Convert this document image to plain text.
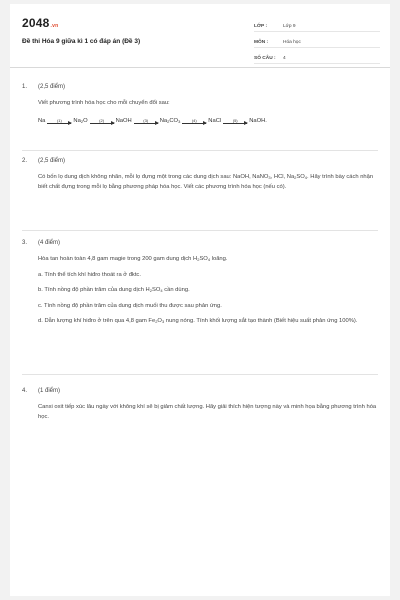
2048.vn
Đề thi Hóa 9 giữa kì 1 có đáp án (Đề 3)
LỚP :	Lớp 9
MÔN :	Hóa học
SỐ CÂU :	4
1. (2,5 điểm)

Viết phương trình hóa học cho mỗi chuyển đổi sau:

Na	(1) $Na_2O$	(2) NaOH	(3) $Na_2CO_3$	(4) NaCl	(5) NaOH.
2. (2,5 điểm)

Có bốn lọ dung dịch không nhãn, mỗi lọ đựng một trong các dung dịch sau: NaOH, NaNO$_3$, HCl, $Na_2SO_4$. Hãy trình bày cách nhận biết chất đựng trong mỗi lọ bằng phương pháp hóa học. Viết các phương trình hóa học (nếu có).

3. (4 điểm)

Hòa tan hoàn toàn 4,8 gam magie trong 200 gam dung dịch $H_2SO_4$ loãng.

a. Tính thể tích khí hiđro thoát ra ở đktc.

b. Tính nồng độ phần trăm của dung dịch $H_2SO_4$ cần dùng.

c. Tính nồng độ phần trăm của dung dịch muối thu được sau phản ứng.

d. Dẫn lượng khí hiđro ở trên qua 4,8 gam $Fe_2O_3$ nung nóng. Tính khối lượng sắt tạo thành (Biết hiệu suất phản ứng 100%).

4. (1 điểm)

Canxi oxit tiếp xúc lâu ngày với không khí sẽ bị giảm chất lượng. Hãy giải thích hiện tượng này và minh họa bằng phương trình hóa học.
